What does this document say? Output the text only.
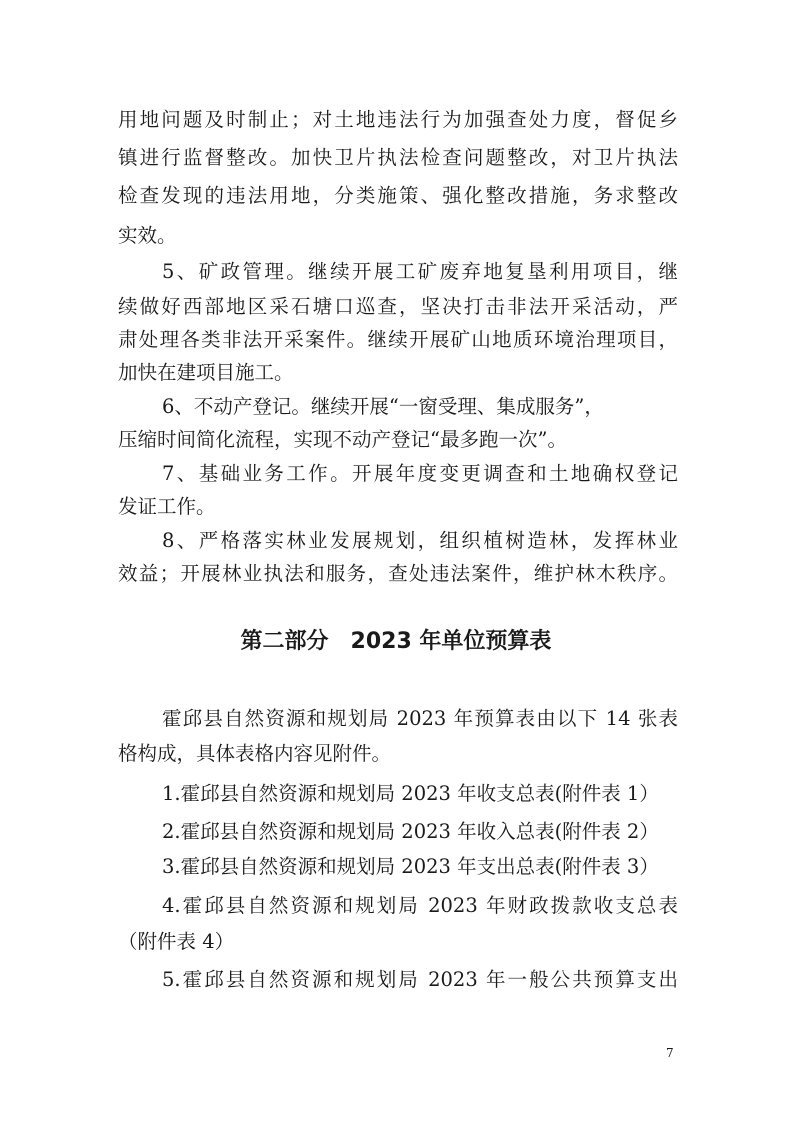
用地问题及时制止；对土地违法行为加强查处力度，督促乡
镇进行监督整改。加快卫片执法检查问题整改，对卫片执法
检查发现的违法用地，分类施策、强化整改措施，务求整改
实效。
5、矿政管理。继续开展工矿废弃地复垦利用项目，继
续做好西部地区采石塘口巡查，坚决打击非法开采活动，严
肃处理各类非法开采案件。继续开展矿山地质环境治理项目，
加快在建项目施工。
6、不动产登记。继续开展“一窗受理、集成服务”，
压缩时间简化流程，实现不动产登记“最多跑一次”。
7、基础业务工作。开展年度变更调查和土地确权登记
发证工作。
8、严格落实林业发展规划，组织植树造林，发挥林业
效益；开展林业执法和服务，查处违法案件，维护林木秩序。
第二部分　2023 年单位预算表
霍邱县自然资源和规划局 2023 年预算表由以下 14 张表
格构成，具体表格内容见附件。
1.霍邱县自然资源和规划局 2023 年收支总表(附件表 1）
2.霍邱县自然资源和规划局 2023 年收入总表(附件表 2）
3.霍邱县自然资源和规划局 2023 年支出总表(附件表 3）
4.霍邱县自然资源和规划局 2023 年财政拨款收支总表
（附件表 4）
5.霍邱县自然资源和规划局 2023 年一般公共预算支出
7
